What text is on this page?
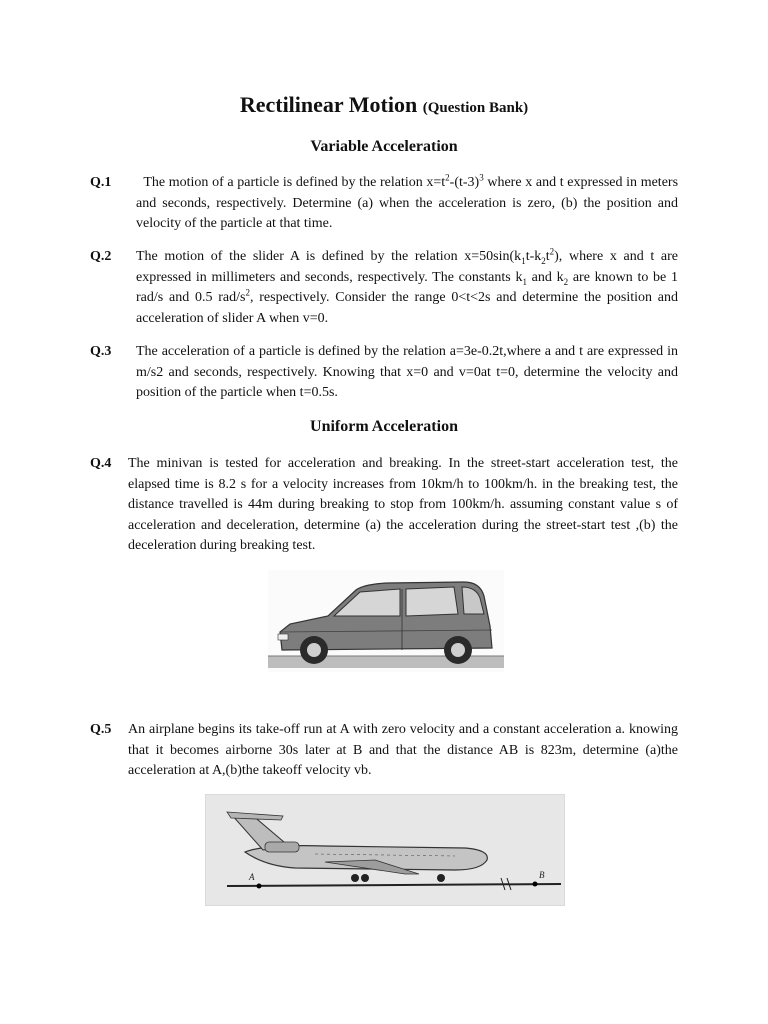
Rectilinear Motion (Question Bank)
Variable Acceleration
Q.1	The motion of a particle is defined by the relation $x=t^2-(t-3)^3$ where x and t expressed in meters and seconds, respectively. Determine (a) when the acceleration is zero, (b) the position and velocity of the particle at that time.
Q.2 The motion of the slider A is defined by the relation $x=50\sin(k_1t-k_2t^2)$, where x and t are expressed in millimeters and seconds, respectively. The constants $k_1$ and $k_2$ are known to be 1 rad/s and 0.5 rad/$s^2$, respectively. Consider the range 0<t<2s and determine the position and acceleration of slider A when v=0.
Q.3 The acceleration of a particle is defined by the relation a=3e-0.2t,where a and t are expressed in m/s2 and seconds, respectively. Knowing that x=0 and v=0at t=0, determine the velocity and position of the particle when t=0.5s.
Uniform Acceleration
Q.4 The minivan is tested for acceleration and breaking. In the street-start acceleration test, the elapsed time is 8.2 s for a velocity increases from 10km/h to 100km/h. in the breaking test, the distance travelled is 44m during breaking to stop from 100km/h. assuming constant value s of acceleration and deceleration, determine (a) the acceleration during the street-start test ,(b) the deceleration during breaking test.
Q.5 An airplane begins its take-off run at A with zero velocity and a constant acceleration a. knowing that it becomes airborne 30s later at B and that the distance AB is 823m, determine (a)the acceleration at A,(b)the takeoff velocity vb.
A	B
